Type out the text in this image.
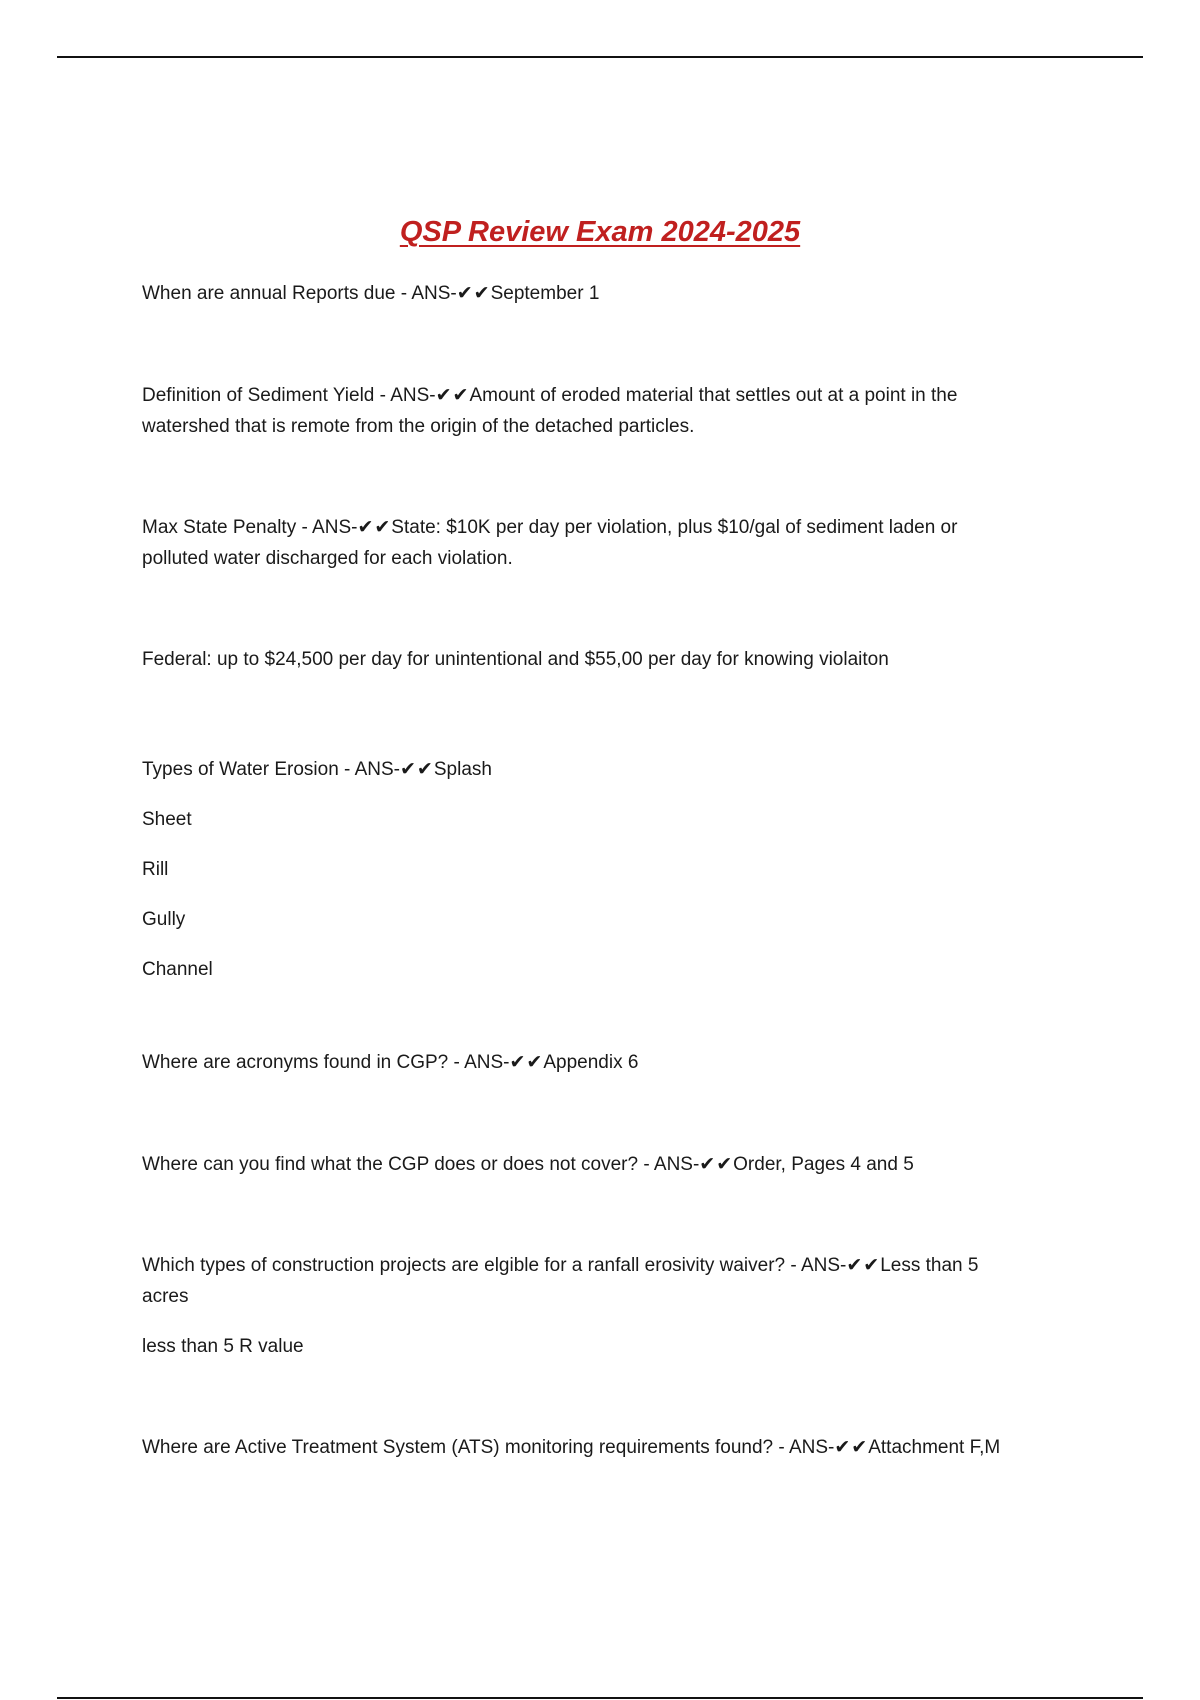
QSP Review Exam 2024-2025

When are annual Reports due - ANS-✔✔September 1

Definition of Sediment Yield - ANS-✔✔Amount of eroded material that settles out at a point in the
watershed that is remote from the origin of the detached particles.

Max State Penalty - ANS-✔✔State: $10K per day per violation, plus $10/gal of sediment laden or
polluted water discharged for each violation.

Federal: up to $24,500 per day for unintentional and $55,00 per day for knowing violaiton

Types of Water Erosion - ANS-✔✔Splash
Sheet
Rill
Gully
Channel

Where are acronyms found in CGP? - ANS-✔✔Appendix 6

Where can you find what the CGP does or does not cover? - ANS-✔✔Order, Pages 4 and 5

Which types of construction projects are elgible for a ranfall erosivity waiver? - ANS-✔✔Less than 5
acres
less than 5 R value

Where are Active Treatment System (ATS) monitoring requirements found? - ANS-✔✔Attachment F,M
